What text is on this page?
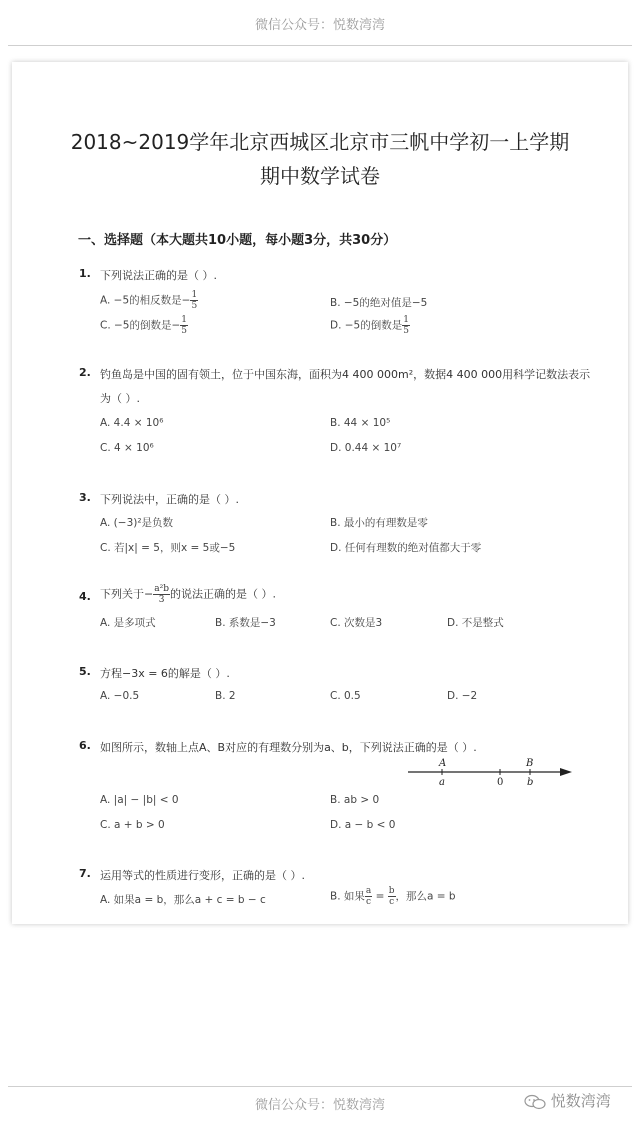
微信公众号：悦数湾湾
2018~2019学年北京西城区北京市三帆中学初一上学期
期中数学试卷
一、选择题（本大题共10小题，每小题3分，共30分）
1. 下列说法正确的是（ ）.
A. −5的相反数是− $\frac{1}{5}$	B. −5的绝对值是−5
C. −5的倒数是− $\frac{1}{5}$	D. −5的倒数是 $\frac{1}{5}$
2. 钓鱼岛是中国的固有领土，位于中国东海，面积为4 400 000m²，数据4 400 000用科学记数法表示
为（ ）.
A. 4.4 × 10⁶	B. 44 × 10⁵
C. 4 × 10⁶	D. 0.44 × 10⁷
3. 下列说法中，正确的是（ ）.
A. (−3)²是负数	B. 最小的有理数是零
C. 若|x| = 5，则x = 5或−5	D. 任何有理数的绝对值都大于零
4. 下列关于− $\frac{\text{a²b}}{3}$ 的说法正确的是（ ）.
A. 是多项式	B. 系数是−3	C. 次数是3	D. 不是整式
5. 方程−3x = 6的解是（ ）.
A. −0.5	B. 2	C. 0.5	D. −2
6. 如图所示，数轴上点A、B对应的有理数分别为a、b，下列说法正确的是（ ）.
A	B
a	0 b
A. |a| − |b| < 0	B. ab > 0
C. a + b > 0	D. a − b < 0
7. 运用等式的性质进行变形，正确的是（ ）.
A. 如果a = b，那么a + c = b − c	B. 如果 $\frac{a}{c} = \frac{b}{c}$ ，那么a = b
微信公众号：悦数湾湾	悦数湾湾
